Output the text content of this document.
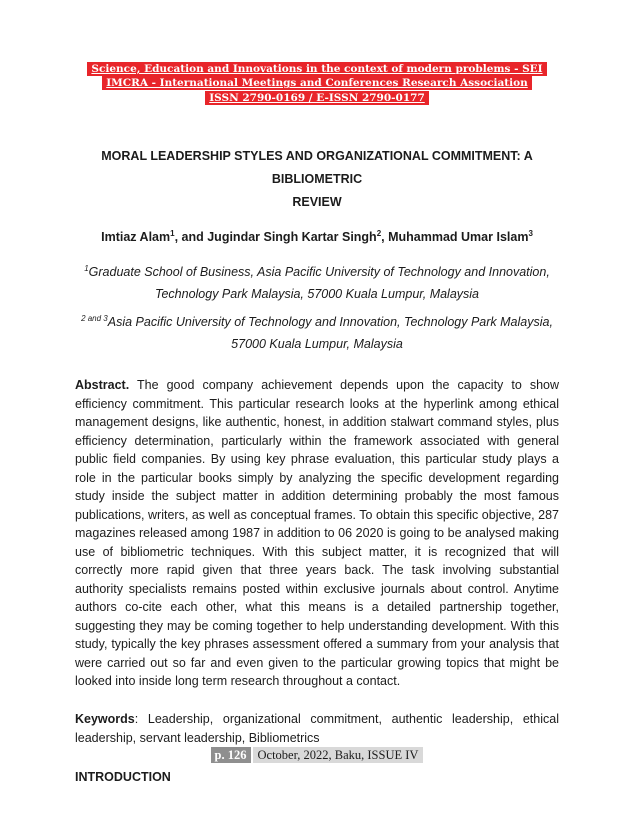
Science, Education and Innovations in the context of modern problems - SEI
IMCRA - International Meetings and Conferences Research Association
ISSN 2790-0169 / E-ISSN 2790-0177
MORAL LEADERSHIP STYLES AND ORGANIZATIONAL COMMITMENT: A BIBLIOMETRIC
REVIEW

Imtiaz Alam$^1$, and Jugindar Singh Kartar Singh$^2$, Muhammad Umar Islam$^3$

$^1$Graduate School of Business, Asia Pacific University of Technology and Innovation, Technology Park Malaysia, 57000 Kuala Lumpur, Malaysia

$^{2 and 3}$Asia Pacific University of Technology and Innovation, Technology Park Malaysia, 57000 Kuala Lumpur, Malaysia

Abstract. The good company achievement depends upon the capacity to show efficiency commitment. This particular research looks at the hyperlink among ethical management designs, like authentic, honest, in addition stalwart command styles, plus efficiency determination, particularly within the framework associated with general public field companies. By using key phrase evaluation, this particular study plays a role in the particular books simply by analyzing the specific development regarding study inside the subject matter in addition determining probably the most famous publications, writers, as well as conceptual frames. To obtain this specific objective, 287 magazines released among 1987 in addition to 06 2020 is going to be analysed making use of bibliometric techniques. With this subject matter, it is recognized that will correctly more rapid given that three years back. The task involving substantial authority specialists remains posted within exclusive journals about control. Anytime authors co-cite each other, what this means is a detailed partnership together, suggesting they may be coming together to help understanding development. With this study, typically the key phrases assessment offered a summary from your analysis that were carried out so far and even given to the particular growing topics that might be looked into inside long term research throughout a contact.

Keywords: Leadership, organizational commitment, authentic leadership, ethical leadership, servant leadership, Bibliometrics

INTRODUCTION
p. 126 October, 2022, Baku, ISSUE IV
